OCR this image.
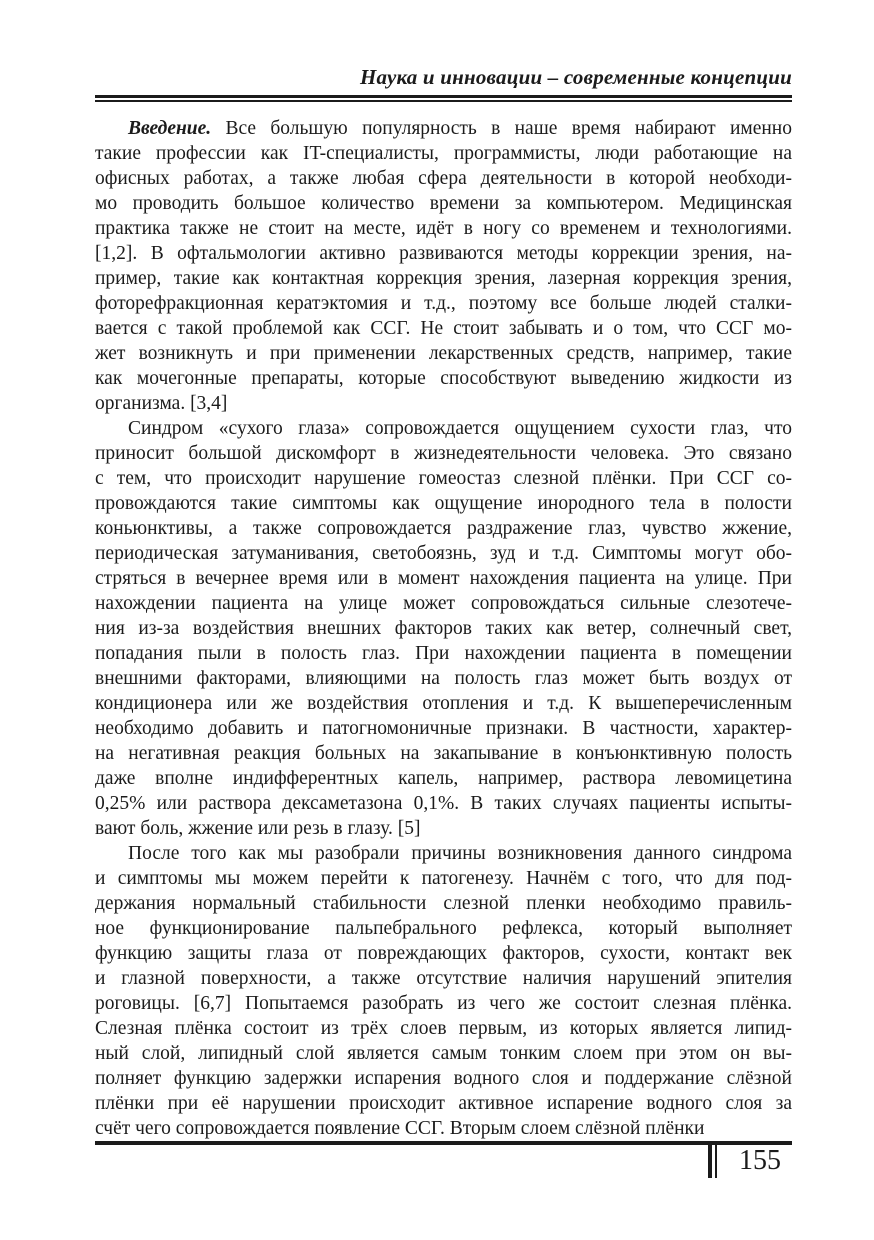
Наука и инновации – современные концепции
Введение. Все большую популярность в наше время набирают именно
такие профессии как IT-специалисты, программисты, люди работающие на
офисных работах, а также любая сфера деятельности в которой необходи-
мо проводить большое количество времени за компьютером. Медицинская
практика также не стоит на месте, идёт в ногу со временем и технологиями.
[1,2]. В офтальмологии активно развиваются методы коррекции зрения, на-
пример, такие как контактная коррекция зрения, лазерная коррекция зрения,
фоторефракционная кератэктомия и т.д., поэтому все больше людей сталки-
вается с такой проблемой как ССГ. Не стоит забывать и о том, что ССГ мо-
жет возникнуть и при применении лекарственных средств, например, такие
как мочегонные препараты, которые способствуют выведению жидкости из
организма. [3,4]
Синдром «сухого глаза» сопровождается ощущением сухости глаз, что
приносит большой дискомфорт в жизнедеятельности человека. Это связано
с тем, что происходит нарушение гомеостаз слезной плёнки. При ССГ со-
провождаются такие симптомы как ощущение инородного тела в полости
коньюнктивы, а также сопровождается раздражение глаз, чувство жжение,
периодическая затуманивания, светобоязнь, зуд и т.д. Симптомы могут обо-
стряться в вечернее время или в момент нахождения пациента на улице. При
нахождении пациента на улице может сопровождаться сильные слезотече-
ния из-за воздействия внешних факторов таких как ветер, солнечный свет,
попадания пыли в полость глаз. При нахождении пациента в помещении
внешними факторами, влияющими на полость глаз может быть воздух от
кондиционера или же воздействия отопления и т.д. К вышеперечисленным
необходимо добавить и патогномоничные признаки. В частности, характер-
на негативная реакция больных на закапывание в конъюнктивную полость
даже вполне индифферентных капель, например, раствора левомицетина
0,25% или раствора дексаметазона 0,1%. В таких случаях пациенты испыты-
вают боль, жжение или резь в глазу. [5]
После того как мы разобрали причины возникновения данного синдрома
и симптомы мы можем перейти к патогенезу. Начнём с того, что для под-
держания нормальный стабильности слезной пленки необходимо правиль-
ное функционирование пальпебрального рефлекса, который выполняет
функцию защиты глаза от повреждающих факторов, сухости, контакт век
и глазной поверхности, а также отсутствие наличия нарушений эпителия
роговицы. [6,7] Попытаемся разобрать из чего же состоит слезная плёнка.
Слезная плёнка состоит из трёх слоев первым, из которых является липид-
ный слой, липидный слой является самым тонким слоем при этом он вы-
полняет функцию задержки испарения водного слоя и поддержание слёзной
плёнки при её нарушении происходит активное испарение водного слоя за
счёт чего сопровождается появление ССГ. Вторым слоем слёзной плёнки
155
